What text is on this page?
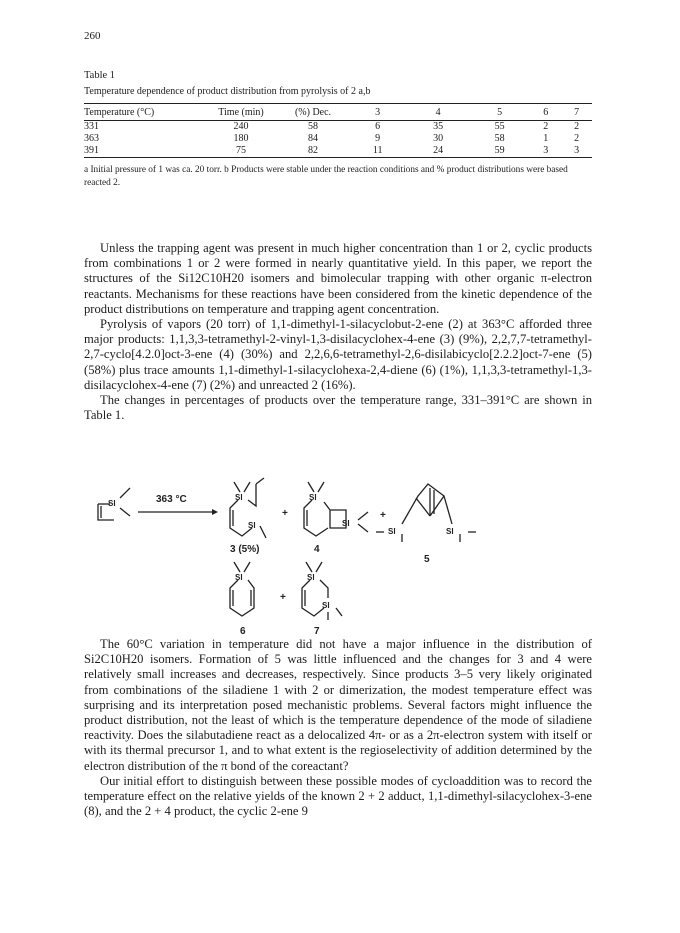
260

Table 1

Temperature dependence of product distribution from pyrolysis of 2 a,b

Temperature (°C)	Time (min)	(%) Dec.	3	4	5	6	7
331	240	58	6	35	55	2	2
363	180	84	9	30	58	1	2
391	75	82	11	24	59	3	3

a Initial pressure of 1 was ca. 20 torr. b Products were stable under the reaction conditions and % product distributions were based reacted 2.

Unless the trapping agent was present in much higher concentration than 1 or 2, cyclic products from combinations 1 or 2 were formed in nearly quantitative yield. In this paper, we report the structures of the Si12C10H20 isomers and bimolecular trapping with other organic π-electron reactants. Mechanisms for these reactions have been considered from the kinetic dependence of the product distributions on temperature and trapping agent concentration.

Pyrolysis of vapors (20 torr) of 1,1-dimethyl-1-silacyclobut-2-ene (2) at 363°C afforded three major products: 1,1,3,3-tetramethyl-2-vinyl-1,3-disilacyclohex-4-ene (3) (9%), 2,2,7,7-tetramethyl-2,7-cyclo[4.2.0]oct-3-ene (4) (30%) and 2,2,6,6-tetramethyl-2,6-disilabicyclo[2.2.2]oct-7-ene (5) (58%) plus trace amounts 1,1-dimethyl-1-silacyclohexa-2,4-diene (6) (1%), 1,1,3,3-tetramethyl-1,3-disilacyclohex-4-ene (7) (2%) and unreacted 2 (16%).

The changes in percentages of products over the temperature range, 331–391°C are shown in Table 1.

SI	363 °C	SI
SI
+
SI
SI
+
SI	SI
3 (5%)	4
5
SI
+
SI
SI
6	7

The 60°C variation in temperature did not have a major influence in the distribution of Si2C10H20 isomers. Formation of 5 was little influenced and the changes for 3 and 4 were relatively small increases and decreases, respectively. Since products 3–5 very likely originated from combinations of the siladiene 1 with 2 or dimerization, the modest temperature effect was surprising and its interpretation posed mechanistic problems. Several factors might influence the product distribution, not the least of which is the temperature dependence of the mode of siladiene reactivity. Does the silabutadiene react as a delocalized 4π- or as a 2π-electron system with itself or with its thermal precursor 1, and to what extent is the regioselectivity of addition determined by the electron distribution of the π bond of the coreactant?

Our initial effort to distinguish between these possible modes of cycloaddition was to record the temperature effect on the relative yields of the known 2 + 2 adduct, 1,1-dimethyl-silacyclohex-3-ene (8), and the 2 + 4 product, the cyclic 2-ene 9
